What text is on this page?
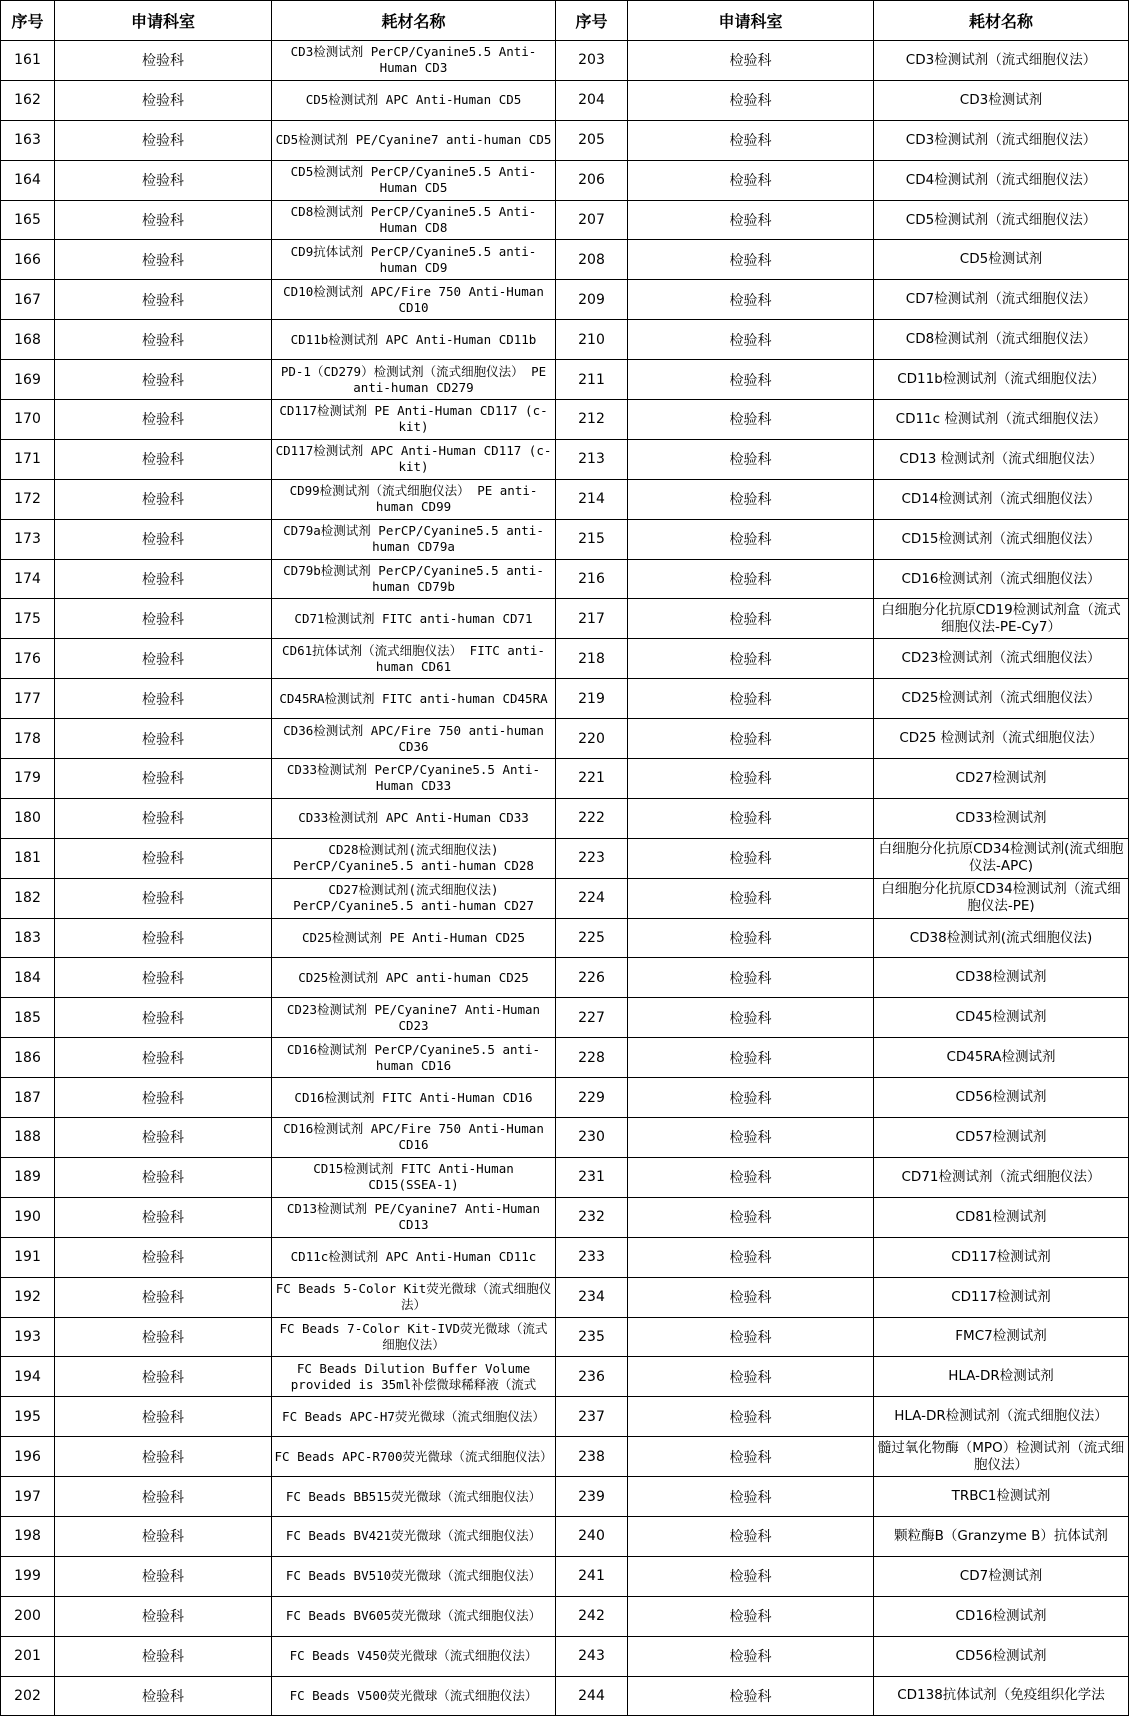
序号	申请科室	耗材名称	序号	申请科室	耗材名称
161	检验科	CD3检测试剂 PerCP/Cyanine5.5 Anti-Human CD3	203	检验科	CD3检测试剂（流式细胞仪法）
162	检验科	CD5检测试剂 APC Anti-Human CD5	204	检验科	CD3检测试剂
163	检验科	CD5检测试剂 PE/Cyanine7 anti-human CD5	205	检验科	CD3检测试剂（流式细胞仪法）
164	检验科	CD5检测试剂 PerCP/Cyanine5.5 Anti-Human CD5	206	检验科	CD4检测试剂（流式细胞仪法）
165	检验科	CD8检测试剂 PerCP/Cyanine5.5 Anti-Human CD8	207	检验科	CD5检测试剂（流式细胞仪法）
166	检验科	CD9抗体试剂 PerCP/Cyanine5.5 anti-human CD9	208	检验科	CD5检测试剂
167	检验科	CD10检测试剂 APC/Fire 750 Anti-Human CD10	209	检验科	CD7检测试剂（流式细胞仪法）
168	检验科	CD11b检测试剂 APC Anti-Human CD11b	210	检验科	CD8检测试剂（流式细胞仪法）
169	检验科	PD-1（CD279）检测试剂（流式细胞仪法） PE anti-human CD279	211	检验科	CD11b检测试剂（流式细胞仪法）
170	检验科	CD117检测试剂 PE Anti-Human CD117 (c-kit)	212	检验科	CD11c 检测试剂（流式细胞仪法）
171	检验科	CD117检测试剂 APC Anti-Human CD117 (c-kit)	213	检验科	CD13 检测试剂（流式细胞仪法）
172	检验科	CD99检测试剂（流式细胞仪法） PE anti-human CD99	214	检验科	CD14检测试剂（流式细胞仪法）
173	检验科	CD79a检测试剂 PerCP/Cyanine5.5 anti-human CD79a	215	检验科	CD15检测试剂（流式细胞仪法）
174	检验科	CD79b检测试剂 PerCP/Cyanine5.5 anti-human CD79b	216	检验科	CD16检测试剂（流式细胞仪法）
175	检验科	CD71检测试剂 FITC anti-human CD71	217	检验科	白细胞分化抗原CD19检测试剂盒（流式细胞仪法-PE-Cy7）
176	检验科	CD61抗体试剂（流式细胞仪法） FITC anti-human CD61	218	检验科	CD23检测试剂（流式细胞仪法）
177	检验科	CD45RA检测试剂 FITC anti-human CD45RA	219	检验科	CD25检测试剂（流式细胞仪法）
178	检验科	CD36检测试剂 APC/Fire 750 anti-human CD36	220	检验科	CD25 检测试剂（流式细胞仪法）
179	检验科	CD33检测试剂 PerCP/Cyanine5.5 Anti-Human CD33	221	检验科	CD27检测试剂
180	检验科	CD33检测试剂 APC Anti-Human CD33	222	检验科	CD33检测试剂
181	检验科	CD28检测试剂(流式细胞仪法) PerCP/Cyanine5.5 anti-human CD28	223	检验科	白细胞分化抗原CD34检测试剂(流式细胞仪法-APC)
182	检验科	CD27检测试剂(流式细胞仪法) PerCP/Cyanine5.5 anti-human CD27	224	检验科	白细胞分化抗原CD34检测试剂（流式细胞仪法-PE)
183	检验科	CD25检测试剂 PE Anti-Human CD25	225	检验科	CD38检测试剂(流式细胞仪法)
184	检验科	CD25检测试剂 APC anti-human CD25	226	检验科	CD38检测试剂
185	检验科	CD23检测试剂 PE/Cyanine7 Anti-Human CD23	227	检验科	CD45检测试剂
186	检验科	CD16检测试剂 PerCP/Cyanine5.5 anti-human CD16	228	检验科	CD45RA检测试剂
187	检验科	CD16检测试剂 FITC Anti-Human CD16	229	检验科	CD56检测试剂
188	检验科	CD16检测试剂 APC/Fire 750 Anti-Human CD16	230	检验科	CD57检测试剂
189	检验科	CD15检测试剂 FITC Anti-Human CD15(SSEA-1)	231	检验科	CD71检测试剂（流式细胞仪法）
190	检验科	CD13检测试剂 PE/Cyanine7 Anti-Human CD13	232	检验科	CD81检测试剂
191	检验科	CD11c检测试剂 APC Anti-Human CD11c	233	检验科	CD117检测试剂
192	检验科	FC Beads 5-Color Kit荧光微球（流式细胞仪法）	234	检验科	CD117检测试剂
193	检验科	FC Beads 7-Color Kit-IVD荧光微球（流式细胞仪法）	235	检验科	FMC7检测试剂
194	检验科	FC Beads Dilution Buffer Volume provided is 35ml补偿微球稀释液（流式	236	检验科	HLA-DR检测试剂
195	检验科	FC Beads APC-H7荧光微球（流式细胞仪法）	237	检验科	HLA-DR检测试剂（流式细胞仪法）
196	检验科	FC Beads APC-R700荧光微球（流式细胞仪法）	238	检验科	髓过氧化物酶（MPO）检测试剂（流式细胞仪法）
197	检验科	FC Beads BB515荧光微球（流式细胞仪法）	239	检验科	TRBC1检测试剂
198	检验科	FC Beads BV421荧光微球（流式细胞仪法）	240	检验科	颗粒酶B（Granzyme B）抗体试剂
199	检验科	FC Beads BV510荧光微球（流式细胞仪法）	241	检验科	CD7检测试剂
200	检验科	FC Beads BV605荧光微球（流式细胞仪法）	242	检验科	CD16检测试剂
201	检验科	FC Beads V450荧光微球（流式细胞仪法）	243	检验科	CD56检测试剂
202	检验科	FC Beads V500荧光微球（流式细胞仪法）	244	检验科	CD138抗体试剂（免疫组织化学法
